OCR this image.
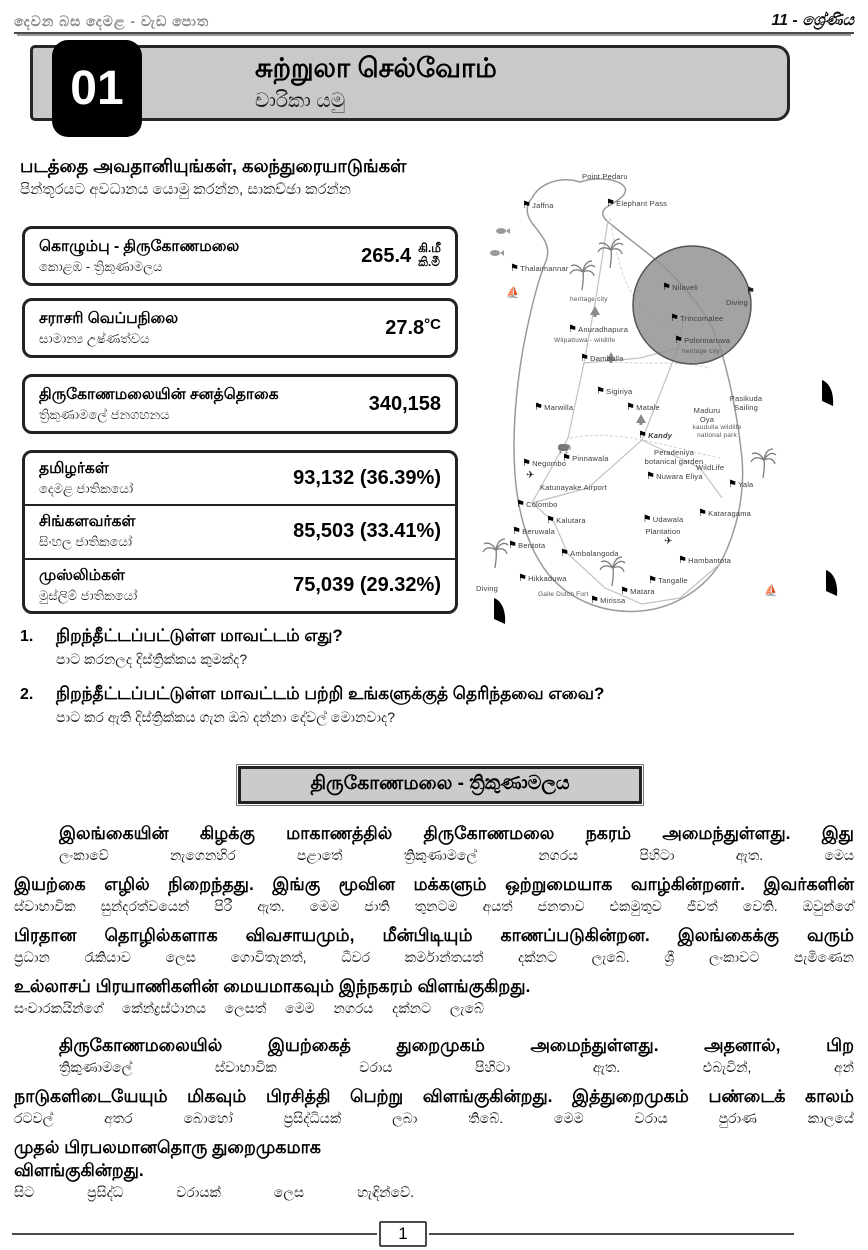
දෙවන බස දෙමළ - වැඩ පොත	11 - ශ්‍රේණිය
சுற்றுலா செல்வோம்
චාරිකා යමු
01
படத்தை அவதானியுங்கள், கலந்துரையாடுங்கள்
පින්තූරයට අවධානය යොමු කරන්න, සාකච්ඡා කරන්න
கொழும்பு - திருகோணமலை
කොළඹ - ත්‍රිකුණාමලය	265.4 கி.மீ
කි.මී
சராசரி வெப்பநிலை
සාමාන්‍ය උෂ්ණත්වය	27.8 $^{^\circ C}$
திருகோணமலையின் சனத்தொகை
ත්‍රිකුණාමලේ ජනගහනය	340,158
தமிழர்கள்
දෙමළ ජාතිකයෝ	93,132 (36.39%)
சிங்களவர்கள்
සිංහල ජාතිකයෝ	85,503 (33.41%)
முஸ்லிம்கள்
මුස්ලිම් ජාතිකයෝ	75,039 (29.32%)
Point Pedaru
⚑ Jaffna	⚑ Elephant Pass
⚑ Thalaimannar
heritage city
⚑ Nilaveli
Diving
⚑ Trincomalee
⚑ Polonnaruwa
heritage city
⚑ Anuradhapura
Wilpattuwa - wildlife
⚑ Dambulla
⚑ Sigiriya
⚑ Marwilla	⚑ Matale	Maduru Oya
Pasikuda Sailing
kaudulla wildlife national park
⚑ Kandy
⚑ Pinnawala
Peradeniya botanical garden
⚑ Negombo
⚑ Nuwara Eliya
WildLife
⚑ Yala
Katunayake Airport
⚑ Colombo
⚑ Kalutara
⚑ Kataragama
⚑ Beruwala
⚑ Udawala Plantation
⚑ Bentota
⚑ Ambalangoda
⚑ Hambantota
⚑ Hikkaduwa
Diving
Galle Dutch Fort
⚑ Mirissa
⚑ Matara
⚑ Tangalle
✈
✈
⛵
⛵
⚑
1. நிறந்தீட்டப்பட்டுள்ள மாவட்டம் எது?
පාට කරනලද දිස්ත්‍රික්කය කුමක්ද?
2. நிறந்தீட்டப்பட்டுள்ள மாவட்டம் பற்றி உங்களுக்குத் தெரிந்தவை எவை?
පාට කර ඇති දිස්ත්‍රික්කය ගැන ඔබ දන්නා දේවල් මොනවාද?
திருகோணமலை - ත්‍රිකුණාමලය
இலங்கையின் கிழக்கு மாகாணத்தில் திருகோணமலை நகரம் அமைந்துள்ளது. இது
ලංකාවේ නැගෙනහිර පළාතේ ත්‍රිකුණාමලේ නගරය පිහිටා ඇත. මෙය
இயற்கை எழில் நிறைந்தது. இங்கு மூவின மக்களும் ஒற்றுமையாக வாழ்கின்றனர். இவர்களின்
ස්වාභාවික සුන්දරත්වයෙන් පිරී ඇත. මෙම ජාති තුනටම අයත් ජනතාව එකමුතුව ජීවත් වෙති. ඔවුන්ගේ
பிரதான தொழில்களாக விவசாயமும், மீன்பிடியும் காணப்படுகின்றன. இலங்கைக்கு வரும்
ප්‍රධාන රැකියාව ලෙස ගොවිතැනත්, ධීවර කර්මාන්තයත් දක්නට ලැබේ. ශ්‍රී ලංකාවට පැමිණෙන
உல்லாசப் பிரயாணிகளின் மையமாகவும் இந்நகரம் விளங்குகிறது.
සංචාරකයින්ගේ කේන්ද්‍රස්ථානය ලෙසත් මෙම නගරය දක්නට ලැබේ
திருகோணமலையில் இயற்கைத் துறைமுகம் அமைந்துள்ளது. அதனால், பிற
ත්‍රිකුණාමලේ ස්වාභාවික වරාය පිහිටා ඇත. එබැවින්, අන්
நாடுகளிடையேயும் மிகவும் பிரசித்தி பெற்று விளங்குகின்றது. இத்துறைமுகம் பண்டைக் காலம்
රටවල් අතර බොහෝ ප්‍රසිද්ධියක් ලබා තිබේ. මෙම වරාය පුරාණ කාලයේ
முதல் பிரபலமானதொரு துறைமுகமாக விளங்குகின்றது.
සිට ප්‍රසිද්ධ වරායක් ලෙස හැඳින්වේ.
1
